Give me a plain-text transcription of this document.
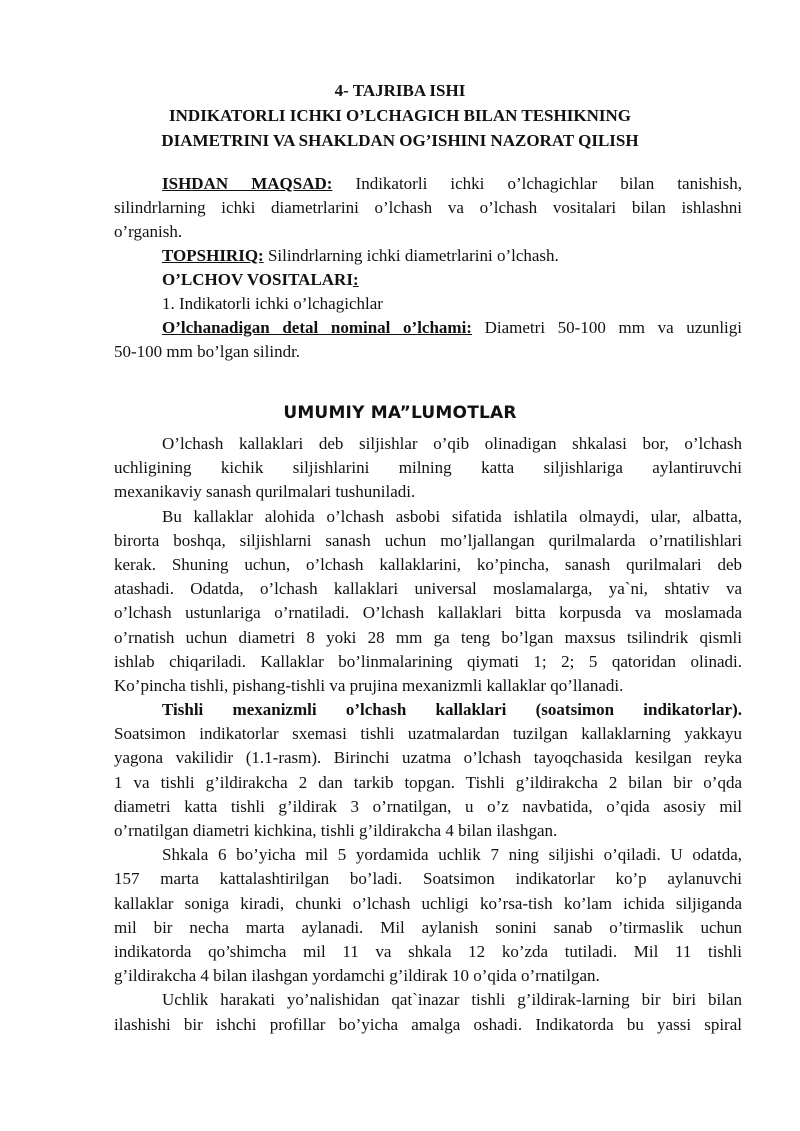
4- TAJRIBA ISHI
INDIKATORLI ICHKI O’LCHAGICH BILAN TESHIKNING
DIAMETRINI VA SHAKLDAN OG’ISHINI NAZORAT QILISH
ISHDAN MAQSAD: Indikatorli ichki o’lchagichlar bilan tanishish,
silindrlarning ichki diametrlarini o’lchash va o’lchash vositalari bilan ishlashni
o’rganish.
TOPSHIRIQ: Silindrlarning ichki diametrlarini o’lchash.
O’LCHOV VOSITALARI:
1. Indikatorli ichki o’lchagichlar
O’lchanadigan detal nominal o’lchami: Diametri 50-100 mm va uzunligi
50-100 mm bo’lgan silindr.
UMUMIY MA”LUMOTLAR
O’lchash kallaklari deb siljishlar o’qib olinadigan shkalasi bor, o’lchash
uchligining kichik siljishlarini milning katta siljishlariga aylantiruvchi
mexanikaviy sanash qurilmalari tushuniladi.
Bu kallaklar alohida o’lchash asbobi sifatida ishlatila olmaydi, ular, albatta,
birorta boshqa, siljishlarni sanash uchun mo’ljallangan qurilmalarda o’rnatilishlari
kerak. Shuning uchun, o’lchash kallaklarini, ko’pincha, sanash qurilmalari deb
atashadi. Odatda, o’lchash kallaklari universal moslamalarga, ya`ni, shtativ va
o’lchash ustunlariga o’rnatiladi. O’lchash kallaklari bitta korpusda va moslamada
o’rnatish uchun diametri 8 yoki 28 mm ga teng bo’lgan maxsus tsilindrik qismli
ishlab chiqariladi. Kallaklar bo’linmalarining qiymati 1; 2; 5 qatoridan olinadi.
Ko’pincha tishli, pishang-tishli va prujina mexanizmli kallaklar qo’llanadi.
Tishli mexanizmli o’lchash kallaklari (soatsimon indikatorlar).
Soatsimon indikatorlar sxemasi tishli uzatmalardan tuzilgan kallaklarning yakkayu
yagona vakilidir (1.1-rasm). Birinchi uzatma o’lchash tayoqchasida kesilgan reyka
1 va tishli g’ildirakcha 2 dan tarkib topgan. Tishli g’ildirakcha 2 bilan bir o’qda
diametri katta tishli g’ildirak 3 o’rnatilgan, u o’z navbatida, o’qida asosiy mil
o’rnatilgan diametri kichkina, tishli g’ildirakcha 4 bilan ilashgan.
Shkala 6 bo’yicha mil 5 yordamida uchlik 7 ning siljishi o’qiladi. U odatda,
157 marta kattalashtirilgan bo’ladi. Soatsimon indikatorlar ko’p aylanuvchi
kallaklar soniga kiradi, chunki o’lchash uchligi ko’rsa-tish ko’lam ichida siljiganda
mil bir necha marta aylanadi. Mil aylanish sonini sanab o’tirmaslik uchun
indikatorda qo’shimcha mil 11 va shkala 12 ko’zda tutiladi. Mil 11 tishli
g’ildirakcha 4 bilan ilashgan yordamchi g’ildirak 10 o’qida o’rnatilgan.
Uchlik harakati yo’nalishidan qat`inazar tishli g’ildirak-larning bir biri bilan
ilashishi bir ishchi profillar bo’yicha amalga oshadi. Indikatorda bu yassi spiral
